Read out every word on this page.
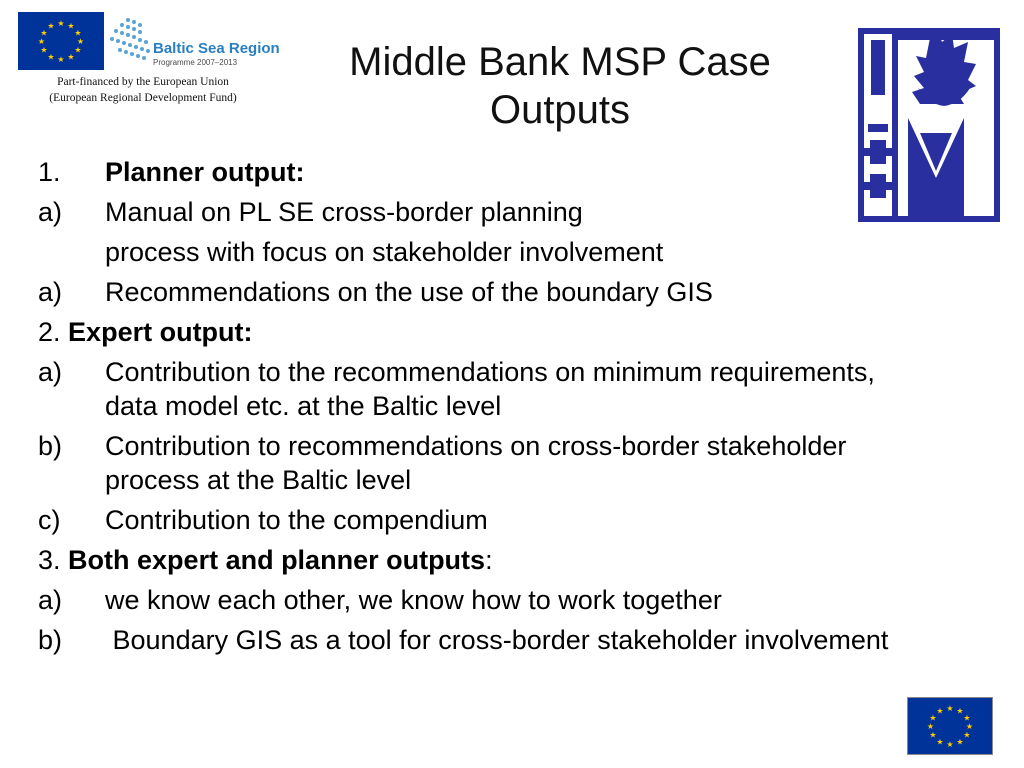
★ ★
★
★
★
★
★
★
★
★
★
★
Baltic Sea Region
Programme 2007–2013
Part-financed by the European Union
(European Regional Development Fund)
Middle Bank MSP Case
Outputs
1. Planner output:
a) Manual on PL SE cross-border planning
process with focus on stakeholder involvement
a) Recommendations on the use of the boundary GIS
2. Expert output:
a) Contribution to the recommendations on minimum requirements, data model etc. at the Baltic level
b) Contribution to recommendations on cross-border stakeholder process at the Baltic level
c) Contribution to the compendium
3. Both expert and planner outputs:
a) we know each other, we know how to work together
b) Boundary GIS as a tool for cross-border stakeholder involvement
★ ★
★
★
★
★
★
★
★
★
★
★
